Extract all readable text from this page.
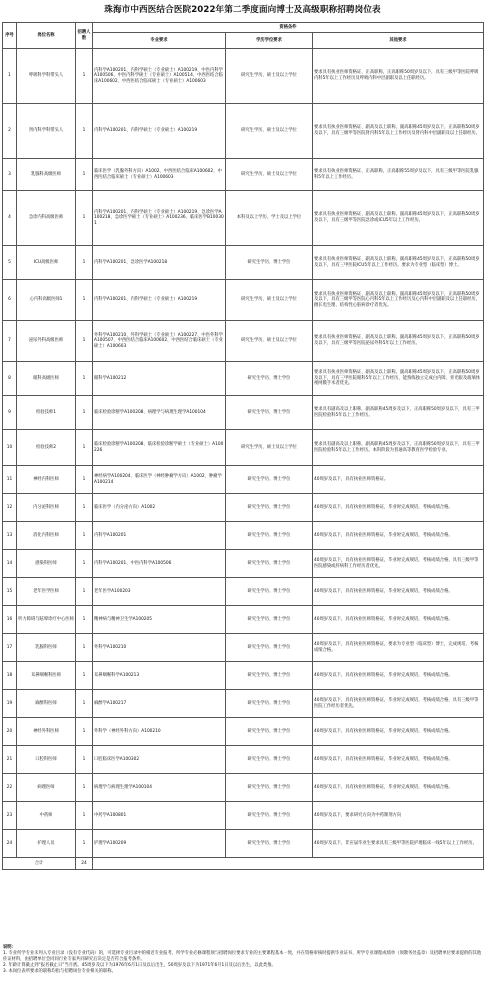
珠海市中西医结合医院2022年第二季度面向博士及高级职称招聘岗位表
序号	岗位名称	招聘人数	资格条件		
			专业要求	学历学位要求	其他要求
1	呼吸科学科带头人	1	内科学A100201、内科学硕士（专业硕士）A100219、中医内科学A100506、中医内科学硕士（专业硕士）A100514、中西医结合临床A100602、中西医结合临床硕士（专业硕士）A100603	研究生学历、硕士及以上学位	要求具有执业医师资格证、正高职称，正高职称50周岁及以下，具有三级甲等医院呼吸内科5年以上工作经历及呼吸内科中层副职及以上任职经历。
2	肾内科学科带头人	1	内科学A100201、内科学硕士（专业硕士）A100219	研究生学历、硕士及以上学位	要求具有执业医师资格证、副高及以上职称，副高职称45周岁及以下，正高职称50周岁及以下，具有三级甲等医院肾内科5年以上工作经历及肾内科中层副职及以上任职经历。
3	乳腺科高级医师	1	临床医学（乳腺外科方向）A1002、中西医结合临床A100602、中西医结合临床硕士（专业硕士）A100603	研究生学历、硕士及以上学位	要求具有执业医师资格证、正高职称，正高职称55周岁及以下，具有三级甲等医院乳腺科5年以上工作经历。
4	急诊内科高级医师	1	内科学A100201、内科学硕士（专业硕士）A100219、急诊医学A100218、急诊医学硕士（专业硕士）A100236、临床医学B100301	本科及以上学历、学士及以上学位	要求具有执业医师资格证、副高及以上职称，副高职称45周岁及以下，正高职称50周岁及以下，具有三级甲等医院急诊或ICU5年以上工作经历。
5	ICU高级医师	1	内科学A100201、急诊医学A100218	研究生学历、博士学位	要求具有执业医师资格证、副高及以上职称，副高职称45周岁及以下，正高职称50周岁及以下，具有三甲医院ICU5年以上工作经历。要求为专业型（临床型）博士。
6	心内科高级医师1	1	内科学A100201、内科学硕士（专业硕士）A100219	研究生学历、硕士及以上学位	要求具有执业医师资格证、副高及以上职称，副高职称45周岁及以下，正高职称50周岁及以下，具有三级甲等医院心内科5年以上工作经历及心内科中层副职及以上任职经历，擅长电生理、结构性心脏病诊疗者优先。
7	泌尿外科高级医师	1	外科学A100210、外科学硕士（专业硕士）A100227、中医外科学A100507、中西医结合临床A100602、中西医结合临床硕士（专业硕士）A100603	研究生学历、硕士及以上学位	要求具有执业医师资格证、副高及以上职称，副高职称45周岁及以下，正高职称50周岁及以下，具有三级甲等医院泌尿外科5年以上工作经历。
8	眼科高级医师	1	眼科学A100212	研究生学历、博士学位	要求具有执业医师资格证、副高及以上职称，副高职称45周岁及以下，正高职称50周岁及以下，具有三甲医院眼科5年以上工作经历，能熟练独立完成白内障、青光眼及玻璃体视网膜手术者优先。
9	检验技师1	1	临床检验诊断学A100208、病理学与病理生理学A100104	研究生学历、博士学位	要求具有副高及以上职称，副高职称45周岁及以下，正高职称50周岁及以下，具有三甲医院检验科5年以上工作经历。
10	检验技师2	1	临床检验诊断学A100208、临床检验诊断学硕士（专业硕士）A100226	研究生学历、硕士及以上学位	要求具有副高及以上职称，副高职称45周岁及以下，正高职称50周岁及以下，具有三甲医院检验科5年以上工作经历。本科阶段为普通高等教育医学检验专业。
11	神经内科医师	1	神经病学A100204、临床医学（神经肿瘤学方向）A1002、肿瘤学A100214	研究生学历、博士学位	40周岁及以下，具有执业医师资格证。
12	内分泌科医师	1	临床医学（内分泌方向）A1002	研究生学历、博士学位	40周岁及以下，具有执业医师资格证，毕业时完成规培，考核成绩合格。
13	消化内科医师	1	内科学A100201	研究生学历、博士学位	40周岁及以下，具有执业医师资格证，毕业时完成规培，考核成绩合格。
14	感染科医师	1	内科学A100201、中医内科学A100506	研究生学历、博士学位	40周岁及以下，具有执业医师资格证，毕业时完成规培，考核成绩合格，具有三级甲等医院感染或肝病科工作经历者优先。
15	老年医学医师	1	老年医学A100203	研究生学历、博士学位	40周岁及以下，具有执业医师资格证，毕业时完成规培，考核成绩合格。
16	听力障碍与眩晕诊疗中心医师	1	精神病与精神卫生学A100205	研究生学历、博士学位	40周岁及以下，具有执业医师资格证，毕业时完成规培，考核成绩合格。
17	乳腺科医师	1	外科学A100210	研究生学历、博士学位	40周岁及以下，具有执业医师资格证，要求为专业型（临床型）博士，完成规培，考核成绩合格。
18	耳鼻咽喉科医师	1	耳鼻咽喉科学A100213	研究生学历、博士学位	40周岁及以下，具有执业医师资格证，毕业时完成规培，考核成绩合格。
19	麻醉科医师	1	麻醉学A100217	研究生学历、博士学位	40周岁及以下，具有执业医师资格证，毕业时完成规培，考核成绩合格，具有三级甲等医院工作经历者优先。
20	神经外科医师	1	外科学（神经外科方向）A100210	研究生学历、博士学位	40周岁及以下，具有执业医师资格证，毕业时完成规培，考核成绩合格。
21	口腔科医师	1	口腔临床医学A100302	研究生学历、博士学位	40周岁及以下，具有执业医师资格证，毕业时完成规培，考核成绩合格。
22	病理医师	1	病理学与病理生理学A100104	研究生学历、博士学位	40周岁及以下，具有执业医师资格证，毕业时完成规培，考核成绩合格。
23	中药师	1	中药学A100801	研究生学历、博士学位	40周岁及以下，要求研究方向为中药制剂方向
24	护理人员	1	护理学A100209	研究生学历、博士学位	40周岁及以下，非应届毕业生要求具有三级甲等医院护理临床一线5年以上工作经历。
合计		24			
说明：
1. 专业所学专业未列入专业目录（没有专业代码）的，可选择专业目录中的相近专业报考，所学专业必修课程须与招聘岗位要求专业的主要课程基本一致，并在资格审核时提供毕业证书、所学专业课程成绩单（须教务处盖章）及招聘单位要求提供的其他佐证材料，由招聘单位会同同行业专家共同研究后决定是否符合报考条件。
2. 年龄计算截止到“报名截止日”当月底。45周岁及以下为1976年6月1日及以后出生，50周岁及以下为1971年6月1日及以后出生，以此类推。
3. 本岗位表所要求的职称均指与招聘岗位专业相关的职称。
